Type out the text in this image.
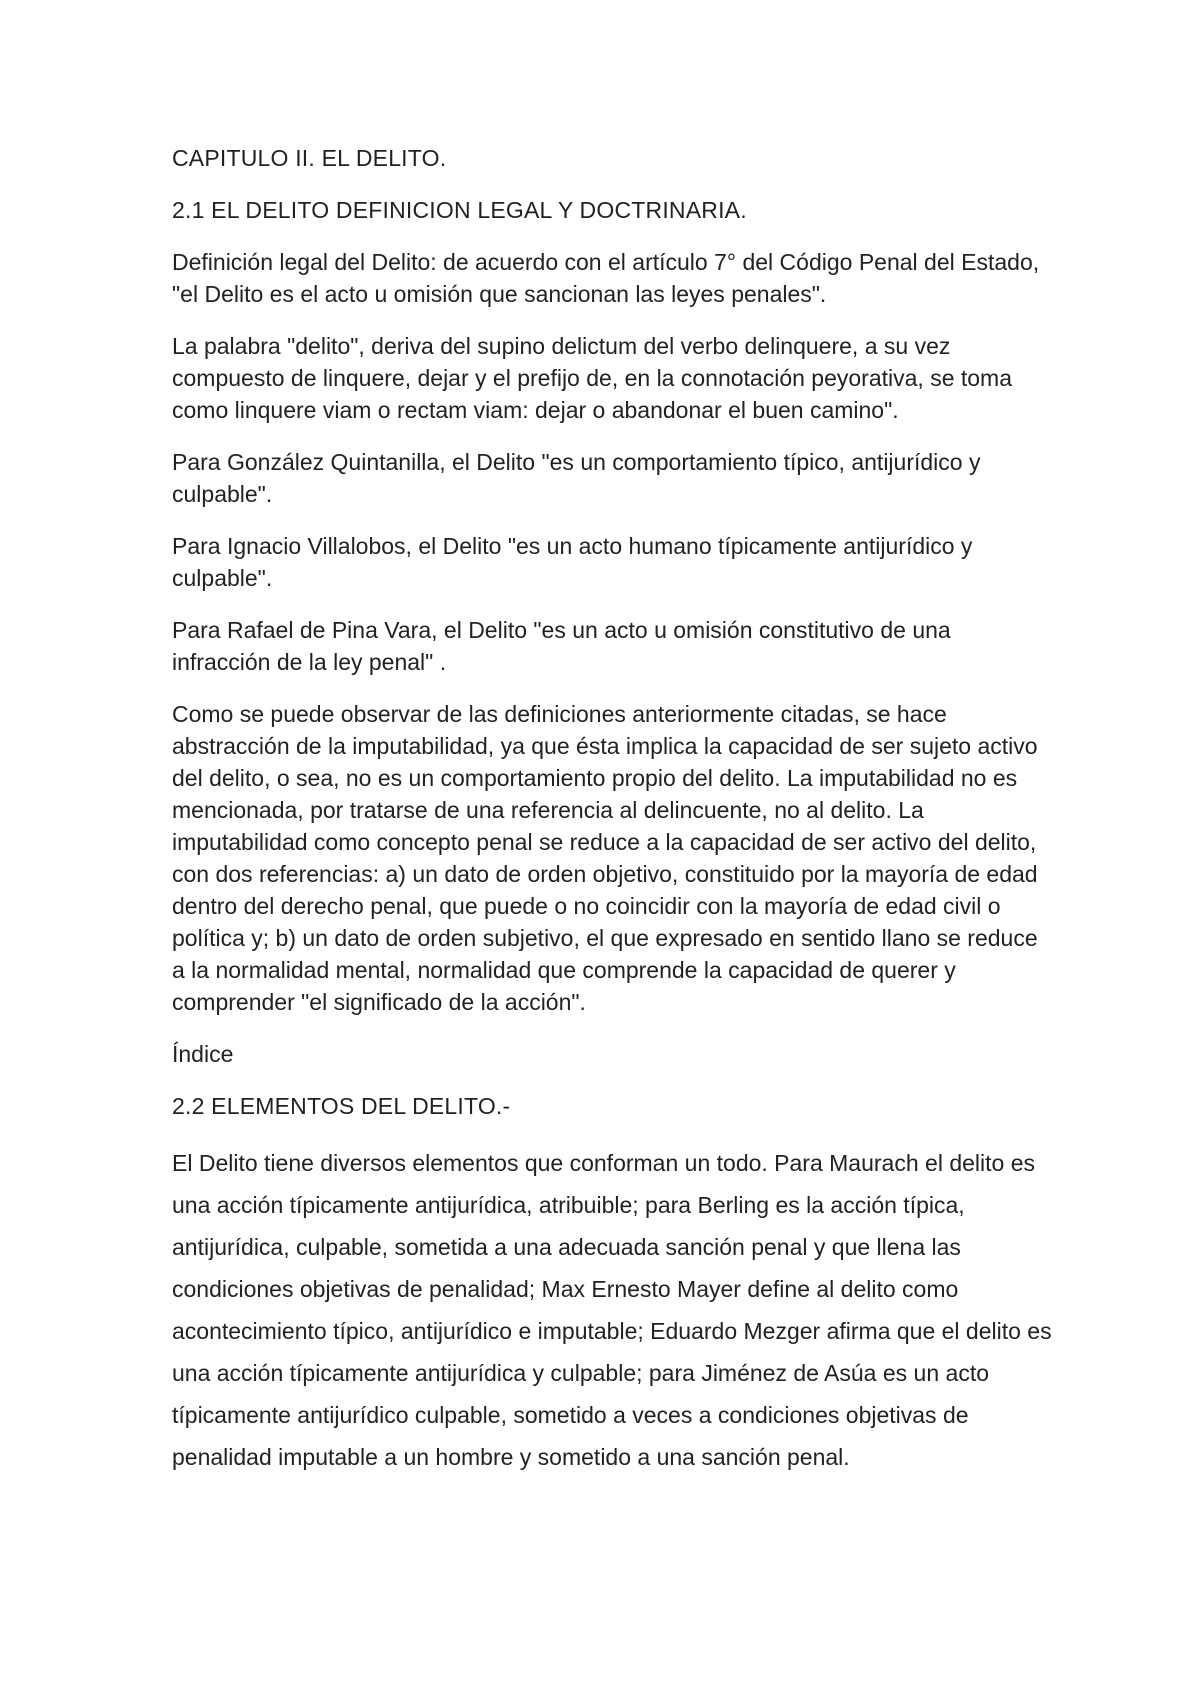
CAPITULO II. EL DELITO.

2.1 EL DELITO DEFINICION LEGAL Y DOCTRINARIA.

Definición legal del Delito: de acuerdo con el artículo 7° del Código Penal del Estado, "el Delito es el acto u omisión que sancionan las leyes penales".

La palabra "delito", deriva del supino delictum del verbo delinquere, a su vez compuesto de linquere, dejar y el prefijo de, en la connotación peyorativa, se toma como linquere viam o rectam viam: dejar o abandonar el buen camino".

Para González Quintanilla, el Delito "es un comportamiento típico, antijurídico y culpable".

Para Ignacio Villalobos, el Delito "es un acto humano típicamente antijurídico y culpable".

Para Rafael de Pina Vara, el Delito "es un acto u omisión constitutivo de una infracción de la ley penal" .

Como se puede observar de las definiciones anteriormente citadas, se hace abstracción de la imputabilidad, ya que ésta implica la capacidad de ser sujeto activo del delito, o sea, no es un comportamiento propio del delito. La imputabilidad no es mencionada, por tratarse de una referencia al delincuente, no al delito. La imputabilidad como concepto penal se reduce a la capacidad de ser activo del delito, con dos referencias: a) un dato de orden objetivo, constituido por la mayoría de edad dentro del derecho penal, que puede o no coincidir con la mayoría de edad civil o política y; b) un dato de orden subjetivo, el que expresado en sentido llano se reduce a la normalidad mental, normalidad que comprende la capacidad de querer y comprender "el significado de la acción".

Índice

2.2 ELEMENTOS DEL DELITO.-

El Delito tiene diversos elementos que conforman un todo. Para Maurach el delito es una acción típicamente antijurídica, atribuible; para Berling es la acción típica, antijurídica, culpable, sometida a una adecuada sanción penal y que llena las condiciones objetivas de penalidad; Max Ernesto Mayer define al delito como acontecimiento típico, antijurídico e imputable; Eduardo Mezger afirma que el delito es una acción típicamente antijurídica y culpable; para Jiménez de Asúa es un acto típicamente antijurídico culpable, sometido a veces a condiciones objetivas de penalidad imputable a un hombre y sometido a una sanción penal.
